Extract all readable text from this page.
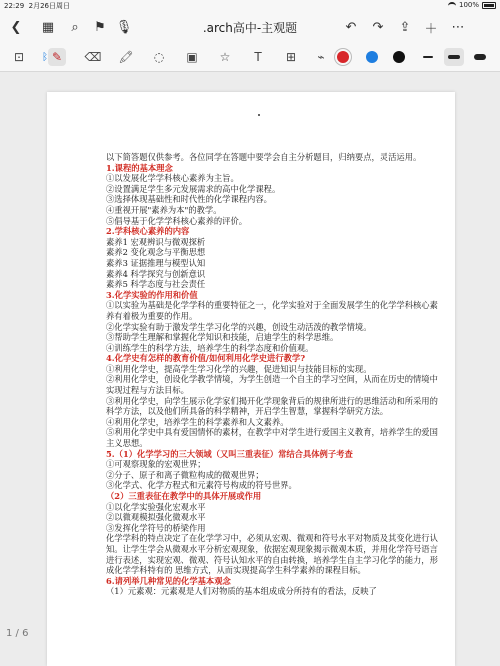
22:29 2月26日周日	100%
❮ ▦	⌕	⚑ 🎙	.arch高中-主观题	↶ ↷ ⇪ ＋ ⋯
⊡	ᛒ ✎	⌫ 🖍	◌	▣	☆	T	⊞	⌁

以下简答题仅供参考。各位同学在答题中要学会自主分析题目，归纳要点，灵活运用。

1.课程的基本理念

①以发展化学学科核心素养为主旨。

②设置满足学生多元发展需求的高中化学课程。

③选择体现基础性和时代性的化学课程内容。

④重视开展"素养为本"的教学。

⑤倡导基于化学学科核心素养的评价。

2.学科核心素养的内容

素养1 宏观辨识与微观探析

素养2 变化观念与平衡思想

素养3 证据推理与模型认知

素养4 科学探究与创新意识

素养5 科学态度与社会责任

3.化学实验的作用和价值

①以实验为基础是化学学科的重要特征之一，化学实验对于全面发展学生的化学学科核心素养有着极为重要的作用。

②化学实验有助于激发学生学习化学的兴趣，创设生动活泼的教学情境。

③帮助学生理解和掌握化学知识和技能，启迪学生的科学思维。

④训练学生的科学方法，培养学生的科学态度和价值观。

4.化学史有怎样的教育价值/如何利用化学史进行教学?

①利用化学史，提高学生学习化学的兴趣，促进知识与技能目标的实现。

②利用化学史，创设化学教学情境，为学生创造一个自主的学习空间，从而在历史的情境中实现过程与方法目标。

③利用化学史，向学生展示化学家们揭开化学现象背后的规律所进行的思维活动和所采用的科学方法，以及他们所具备的科学精神，开启学生智慧，掌握科学研究方法。

④利用化学史，培养学生的科学素养和人文素养。

⑤利用化学史中具有爱国情怀的素材，在教学中对学生进行爱国主义教育，培养学生的爱国主义思想。

5.（1）化学学习的三大领域（又叫三重表征）常结合具体例子考查

①可观察现象的宏观世界；

②分子、原子和离子微粒构成的微观世界；

③化学式、化学方程式和元素符号构成的符号世界。

（2）三重表征在教学中的具体开展或作用

①以化学实验强化宏观水平

②以微观模拟强化微观水平

③发挥化学符号的桥梁作用

化学学科的特点决定了在化学学习中，必须从宏观、微观和符号水平对物质及其变化进行认知。让学生学会从微观水平分析宏观现象，依据宏观现象揭示微观本质，并用化学符号语言进行表述，实现宏观、微观、符号认知水平的自由转换，培养学生自主学习化学的能力，形成化学学科特有的 思维方式，从而实现提高学生科学素养的课程目标。

6.请列举几种常见的化学基本观念

（1）元素观：元素观是人们对物质的基本组成成分所持有的看法，反映了

1 / 6
